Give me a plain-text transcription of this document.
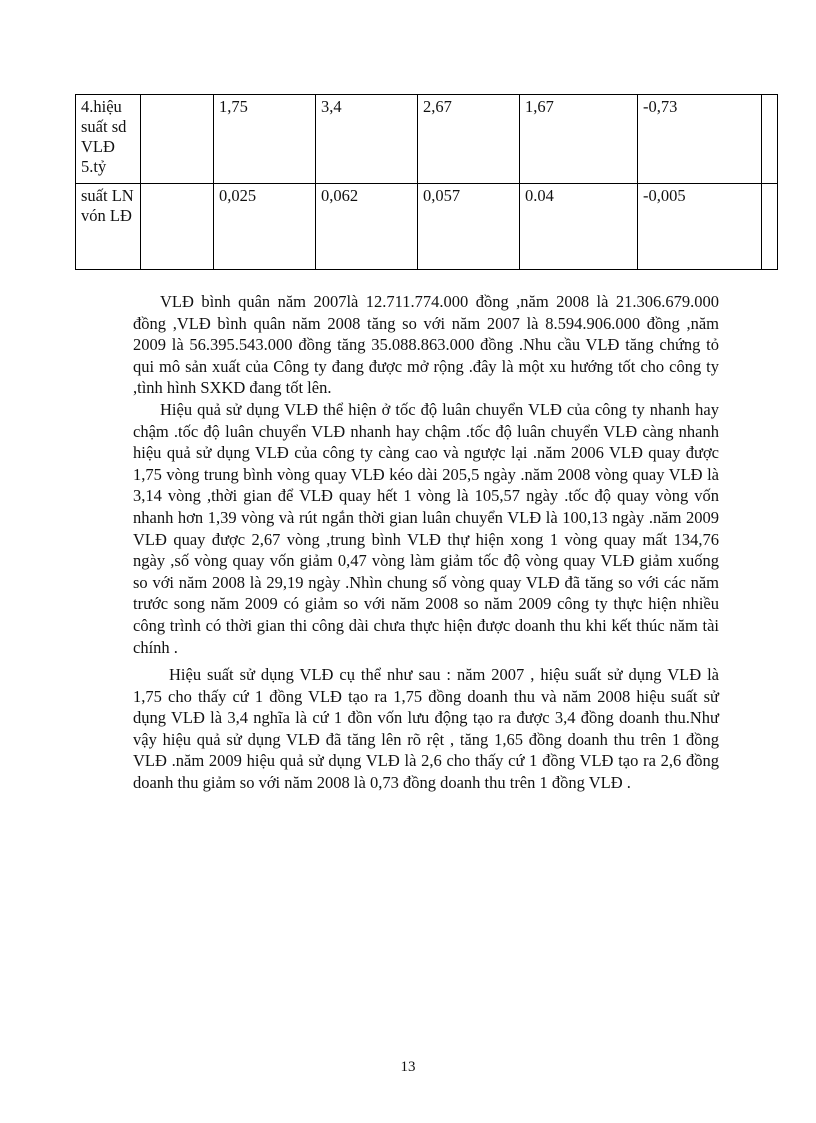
4.hiệu suất sd VLĐ 5.tỷ		1,75	3,4	2,67	1,67	-0,73	
suất LN vón LĐ		0,025	0,062	0,057	0.04	-0,005	

VLĐ bình quân năm 2007là 12.711.774.000 đồng ,năm 2008 là 21.306.679.000 đồng ,VLĐ bình quân năm 2008 tăng so với năm 2007 là 8.594.906.000 đồng ,năm 2009 là 56.395.543.000 đồng tăng 35.088.863.000 đồng .Nhu cầu VLĐ tăng chứng tỏ qui mô sản xuất của Công ty đang được mở rộng .đây là một xu hướng tốt cho công ty ,tình hình SXKD đang tốt lên.

Hiệu quả sử dụng VLĐ thể hiện ở tốc độ luân chuyển VLĐ của công ty nhanh hay chậm .tốc độ luân chuyển VLĐ nhanh hay chậm .tốc độ luân chuyển VLĐ càng nhanh hiệu quả sử dụng VLĐ của công ty càng cao và ngược lại .năm 2006 VLĐ quay được 1,75 vòng trung bình vòng quay VLĐ kéo dài 205,5 ngày .năm 2008 vòng quay VLĐ là 3,14 vòng ,thời gian để VLĐ quay hết 1 vòng là 105,57 ngày .tốc độ quay vòng vốn nhanh hơn 1,39 vòng và rút ngắn thời gian luân chuyển VLĐ là 100,13 ngày .năm 2009 VLĐ quay được 2,67 vòng ,trung bình VLĐ thự hiện xong 1 vòng quay mất 134,76 ngày ,số vòng quay vốn giảm 0,47 vòng làm giảm tốc độ vòng quay VLĐ giảm xuống so với năm 2008 là 29,19 ngày .Nhìn chung số vòng quay VLĐ đã tăng so với các năm trước song năm 2009 có giảm so với năm 2008 so năm 2009 công ty thực hiện nhiều công trình có thời gian thi công dài chưa thực hiện được doanh thu khi kết thúc năm tài chính .

Hiệu suất sử dụng VLĐ cụ thể như sau : năm 2007 , hiệu suất sử dụng VLĐ là 1,75 cho thấy cứ 1 đồng VLĐ tạo ra 1,75 đồng doanh thu và năm 2008 hiệu suất sử dụng VLĐ là 3,4 nghĩa là cứ 1 đồn vốn lưu động tạo ra được 3,4 đồng doanh thu.Như vậy hiệu quả sử dụng VLĐ đã tăng lên rõ rệt , tăng 1,65 đồng doanh thu trên 1 đồng VLĐ .năm 2009 hiệu quả sử dụng VLĐ là 2,6 cho thấy cứ 1 đồng VLĐ tạo ra 2,6 đồng doanh thu giảm so với năm 2008 là 0,73 đồng doanh thu trên 1 đồng VLĐ .

13
